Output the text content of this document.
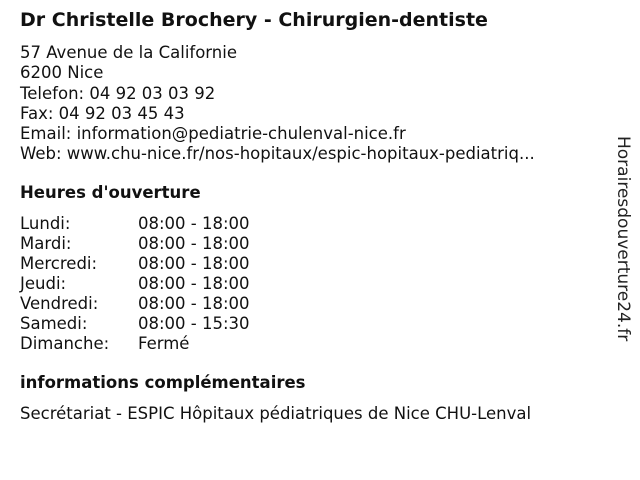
Dr Christelle Brochery - Chirurgien-dentiste
57 Avenue de la Californie
6200 Nice
Telefon: 04 92 03 03 92
Fax: 04 92 03 45 43
Email: information@pediatrie-chulenval-nice.fr
Web: www.chu-nice.fr/nos-hopitaux/espic-hopitaux-pediatriq...
Heures d'ouverture
Lundi:	08:00 - 18:00
Mardi:	08:00 - 18:00
Mercredi:	08:00 - 18:00
Jeudi:	08:00 - 18:00
Vendredi:	08:00 - 18:00
Samedi:	08:00 - 15:30
Dimanche:	Fermé
informations complémentaires
Secrétariat - ESPIC Hôpitaux pédiatriques de Nice CHU-Lenval
Horairesdouverture24.fr
